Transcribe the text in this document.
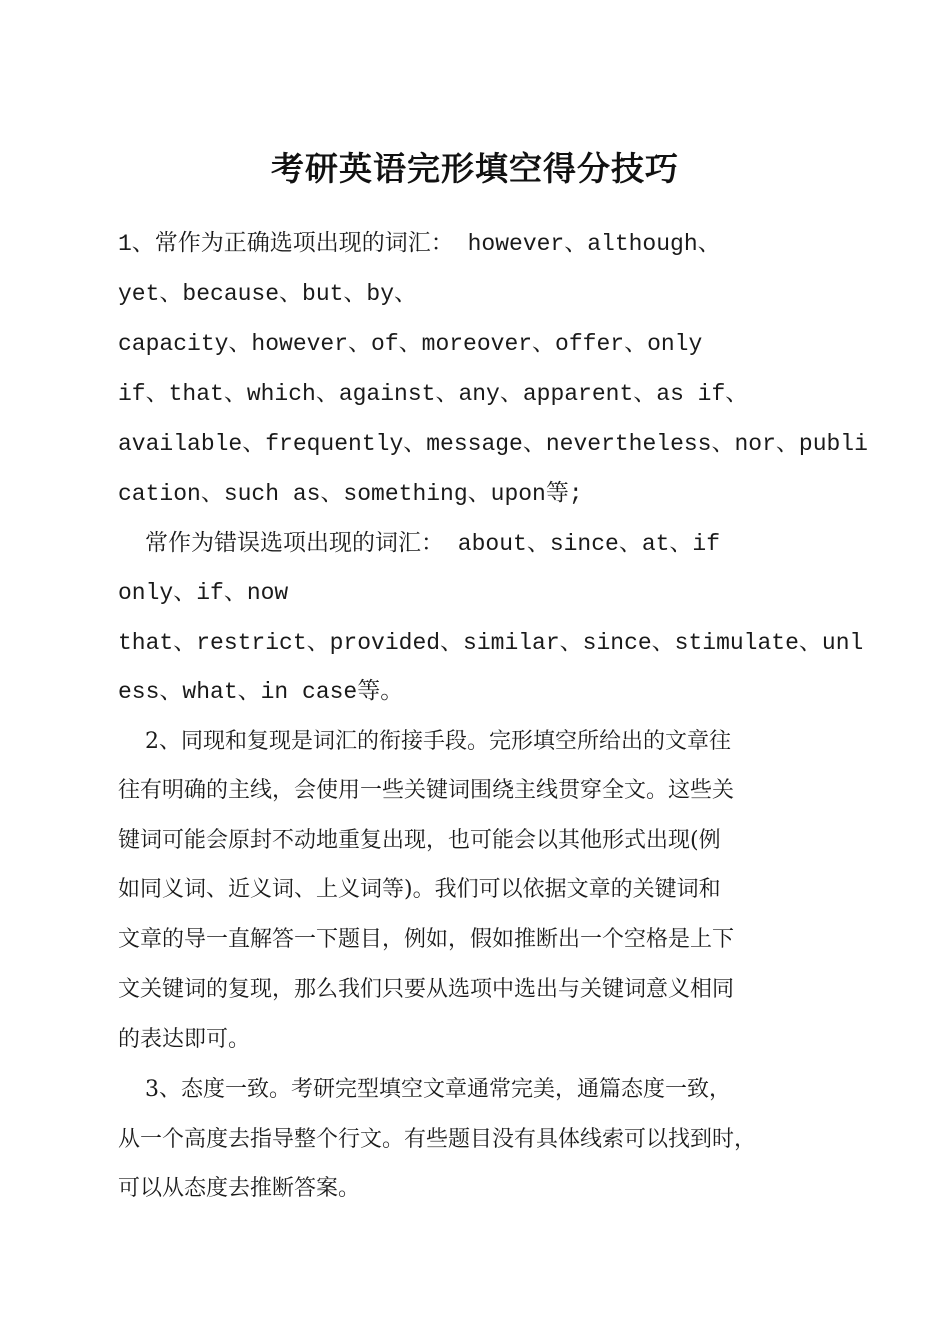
考研英语完形填空得分技巧
1、常作为正确选项出现的词汇： however、although、
yet、because、but、by、
capacity、however、of、moreover、offer、only
if、that、which、against、any、apparent、as if、
available、frequently、message、nevertheless、nor、publi
cation、such as、something、upon等;
常作为错误选项出现的词汇： about、since、at、if
only、if、now
that、restrict、provided、similar、since、stimulate、unl
ess、what、in case等。
2、同现和复现是词汇的衔接手段。完形填空所给出的文章往
往有明确的主线，会使用一些关键词围绕主线贯穿全文。这些关
键词可能会原封不动地重复出现，也可能会以其他形式出现(例
如同义词、近义词、上义词等)。我们可以依据文章的关键词和
文章的导一直解答一下题目，例如，假如推断出一个空格是上下
文关键词的复现，那么我们只要从选项中选出与关键词意义相同
的表达即可。
3、态度一致。考研完型填空文章通常完美，通篇态度一致，
从一个高度去指导整个行文。有些题目没有具体线索可以找到时，
可以从态度去推断答案。
